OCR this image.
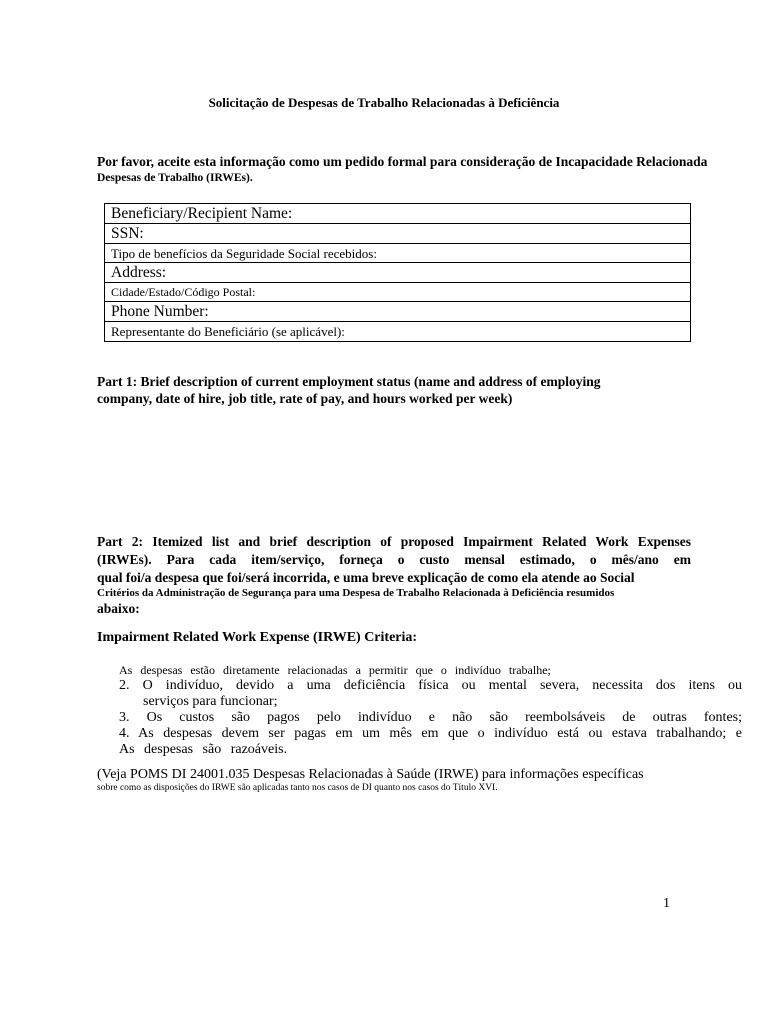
Solicitação de Despesas de Trabalho Relacionadas à Deficiência
Por favor, aceite esta informação como um pedido formal para consideração de Incapacidade Relacionada
Despesas de Trabalho (IRWEs).
Beneficiary/Recipient Name:
SSN:
Tipo de benefícios da Seguridade Social recebidos:
Address:
Cidade/Estado/Código Postal:
Phone Number:
Representante do Beneficiário (se aplicável):
Part 1: Brief description of current employment status (name and address of employing
company, date of hire, job title, rate of pay, and hours worked per week)
Part 2: Itemized list and brief description of proposed Impairment Related Work Expenses
(IRWEs). Para cada item/serviço, forneça o custo mensal estimado, o mês/ano em
qual foi/a despesa que foi/será incorrida, e uma breve explicação de como ela atende ao Social
Critérios da Administração de Segurança para uma Despesa de Trabalho Relacionada à Deficiência resumidos
abaixo:
Impairment Related Work Expense (IRWE) Criteria:
As despesas estão diretamente relacionadas a permitir que o indivíduo trabalhe;
2. O indivíduo, devido a uma deficiência física ou mental severa, necessita dos itens ou
serviços para funcionar;
3. Os custos são pagos pelo indivíduo e não são reembolsáveis de outras fontes;
4. As despesas devem ser pagas em um mês em que o indivíduo está ou estava trabalhando; e
As despesas são razoáveis.
(Veja POMS DI 24001.035 Despesas Relacionadas à Saúde (IRWE) para informações específicas
sobre como as disposições do IRWE são aplicadas tanto nos casos de DI quanto nos casos do Título XVI.
1
